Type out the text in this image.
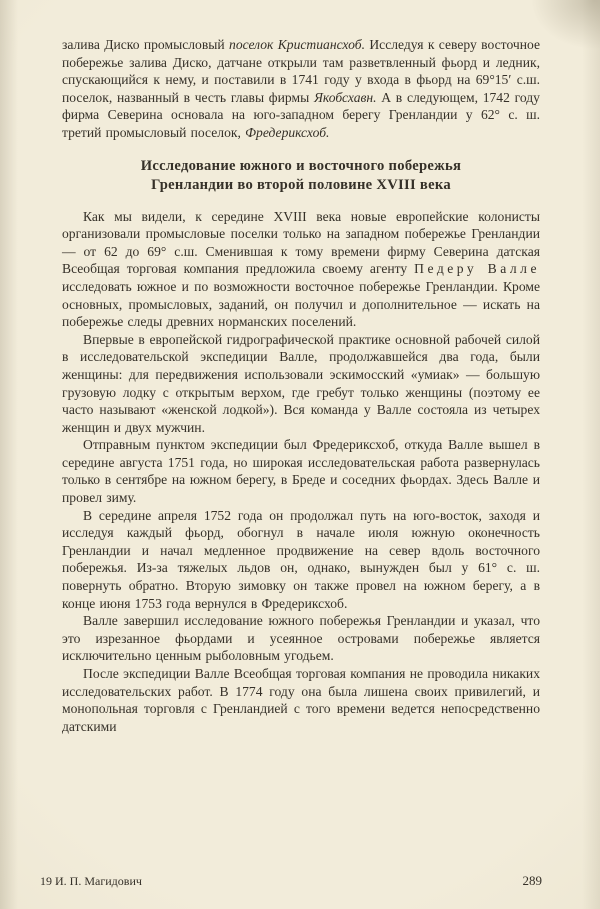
залива Диско промысловый поселок Кристиансхоб. Исследуя к северу восточное побережье залива Диско, датчане открыли там разветвленный фьорд и ледник, спускающийся к нему, и поставили в 1741 году у входа в фьорд на 69°15′ с.ш. поселок, названный в честь главы фирмы Якобсхавн. А в следующем, 1742 году фирма Северина основала на юго-западном берегу Гренландии у 62° с. ш. третий промысловый поселок, Фредериксхоб.

Исследование южного и восточного побережья
Гренландии во второй половине XVIII века

Как мы видели, к середине XVIII века новые европейские колонисты организовали промысловые поселки только на западном побережье Гренландии — от 62 до 69° с.ш. Сменившая к тому времени фирму Северина датская Всеобщая торговая компания предложила своему агенту Педеру Валле исследовать южное и по возможности восточное побережье Гренландии. Кроме основных, промысловых, заданий, он получил и дополнительное — искать на побережье следы древних норманских поселений.

Впервые в европейской гидрографической практике основной рабочей силой в исследовательской экспедиции Валле, продолжавшейся два года, были женщины: для передвижения использовали эскимосский «умиак» — большую грузовую лодку с открытым верхом, где гребут только женщины (поэтому ее часто называют «женской лодкой»). Вся команда у Валле состояла из четырех женщин и двух мужчин.

Отправным пунктом экспедиции был Фредериксхоб, откуда Валле вышел в середине августа 1751 года, но широкая исследовательская работа развернулась только в сентябре на южном берегу, в Бреде и соседних фьордах. Здесь Валле и провел зиму.

В середине апреля 1752 года он продолжал путь на юго-восток, заходя и исследуя каждый фьорд, обогнул в начале июля южную оконечность Гренландии и начал медленное продвижение на север вдоль восточного побережья. Из-за тяжелых льдов он, однако, вынужден был у 61° с. ш. повернуть обратно. Вторую зимовку он также провел на южном берегу, а в конце июня 1753 года вернулся в Фредериксхоб.

Валле завершил исследование южного побережья Гренландии и указал, что это изрезанное фьордами и усеянное островами побережье является исключительно ценным рыболовным угодьем.

После экспедиции Валле Всеобщая торговая компания не проводила никаких исследовательских работ. В 1774 году она была лишена своих привилегий, и монопольная торговля с Гренландией с того времени ведется непосредственно датскими

19 И. П. Магидович	289
